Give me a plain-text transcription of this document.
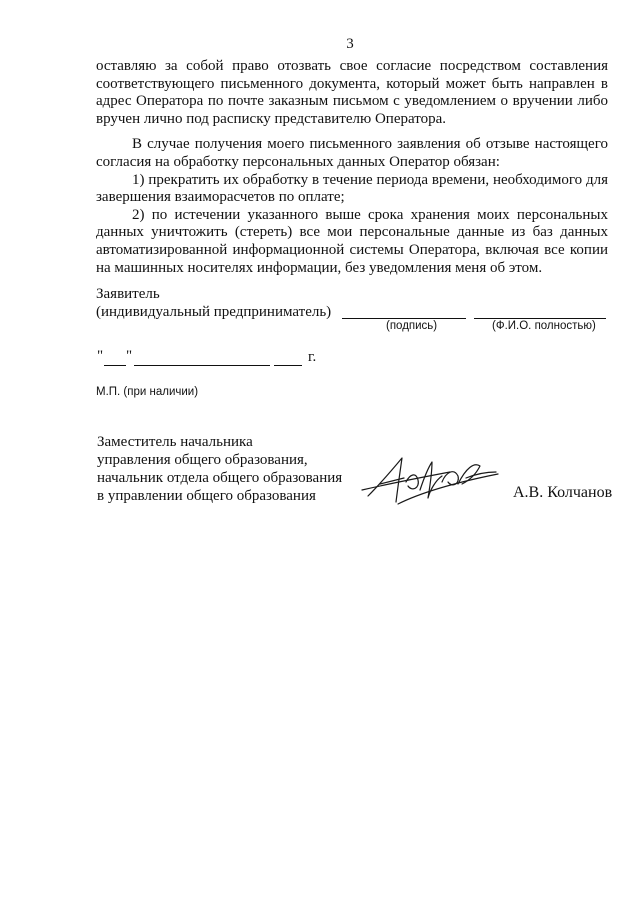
3

оставляю за собой право отозвать свое согласие посредством составления соответствующего письменного документа, который может быть направлен в адрес Оператора по почте заказным письмом с уведомлением о вручении либо вручен лично под расписку представителю Оператора.

В случае получения моего письменного заявления об отзыве настоящего согласия на обработку персональных данных Оператор обязан:

1) прекратить их обработку в течение периода времени, необходимого для завершения взаиморасчетов по оплате;

2) по истечении указанного выше срока хранения моих персональных данных уничтожить (стереть) все мои персональные данные из баз данных автоматизированной информационной системы Оператора, включая все копии на машинных носителях информации, без уведомления меня об этом.

Заявитель
(индивидуальный предприниматель)
(подпись)	(Ф.И.О. полностью)
" "	г.
М.П. (при наличии)
Заместитель начальника
управления общего образования,
начальник отдела общего образования
в управлении общего образования	А.В. Колчанов
